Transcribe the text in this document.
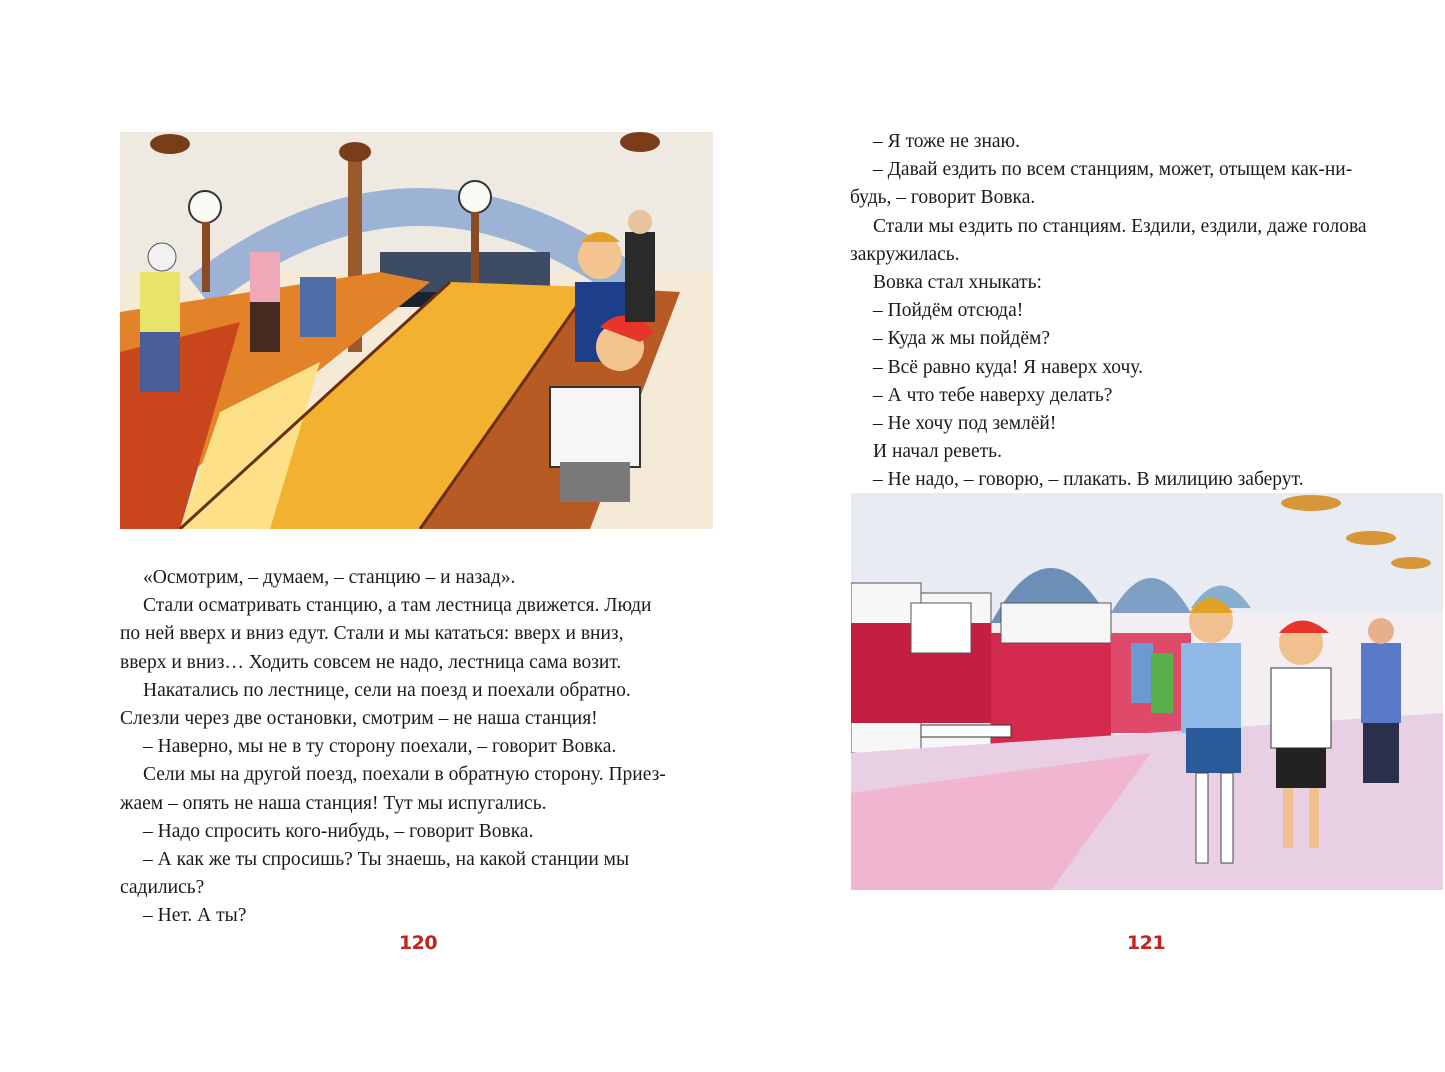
«Осмотрим, – думаем, – станцию – и назад».

Стали осматривать станцию, а там лестница движется. Люди

по ней вверх и вниз едут. Стали и мы кататься: вверх и вниз,

вверх и вниз… Ходить совсем не надо, лестница сама возит.

Накатались по лестнице, сели на поезд и поехали обратно.

Слезли через две остановки, смотрим – не наша станция!

– Наверно, мы не в ту сторону поехали, – говорит Вовка.

Сели мы на другой поезд, поехали в обратную сторону. Приез-

жаем – опять не наша станция! Тут мы испугались.

– Надо спросить кого-нибудь, – говорит Вовка.

– А как же ты спросишь? Ты знаешь, на какой станции мы

садились?

– Нет. А ты?

120

– Я тоже не знаю.

– Давай ездить по всем станциям, может, отыщем как-ни-

будь, – говорит Вовка.

Стали мы ездить по станциям. Ездили, ездили, даже голова

закружилась.

Вовка стал хныкать:

– Пойдём отсюда!

– Куда ж мы пойдём?

– Всё равно куда! Я наверх хочу.

– А что тебе наверху делать?

– Не хочу под землёй!

И начал реветь.

– Не надо, – говорю, – плакать. В милицию заберут.

121
